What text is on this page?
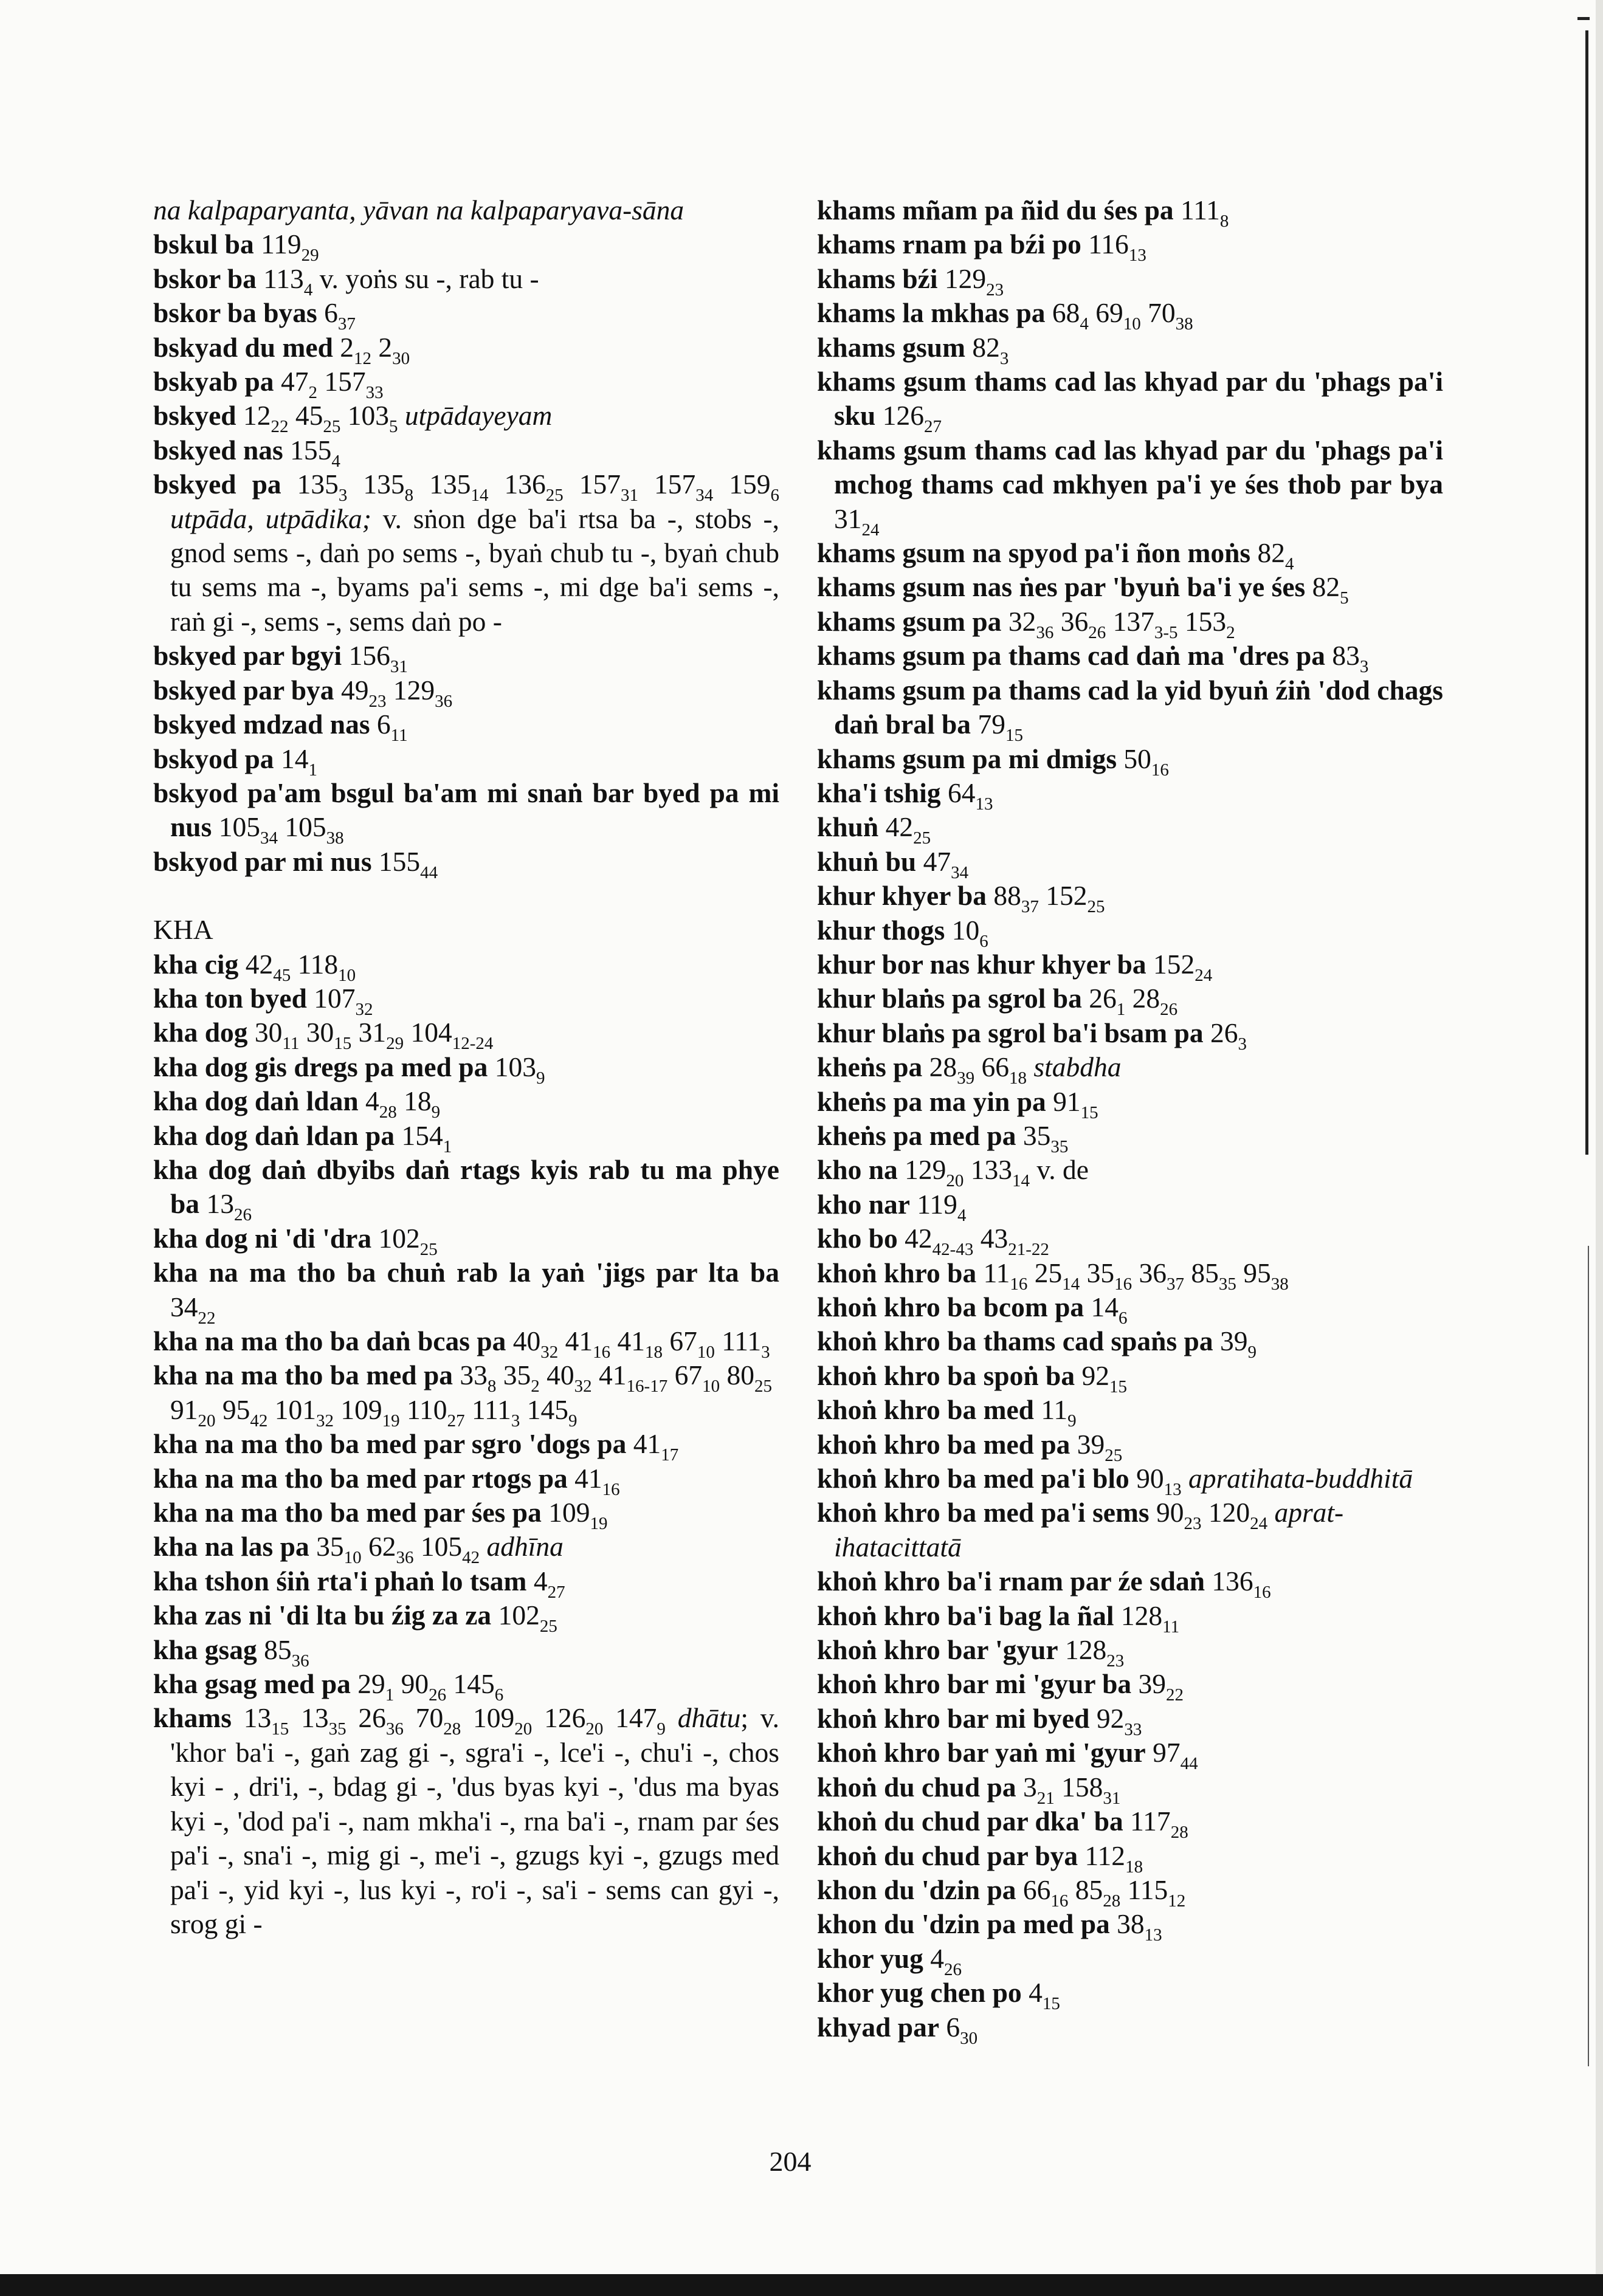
na kalpaparyanta, yāvan na kalpaparyava-sāna

bskul ba $119_{29}$

bskor ba $113_4$ v. yoṅs su -, rab tu -

bskor ba byas $6_{37}$

bskyad du med $2_{12}$ $2_{30}$

bskyab pa $47_2$ $157_{33}$

bskyed $12_{22}$ $45_{25}$ $103_5$ utpādayeyam

bskyed nas $155_4$

bskyed pa $135_3$ $135_8$ $135_{14}$ $136_{25}$ $157_{31}$ $157_{34}$ $159_6$ utpāda, utpādika; v. sṅon dge ba'i rtsa ba -, stobs -, gnod sems -, daṅ po sems -, byaṅ chub tu -, byaṅ chub tu sems ma -, byams pa'i sems -, mi dge ba'i sems -, raṅ gi -, sems -, sems daṅ po -

bskyed par bgyi $156_{31}$

bskyed par bya $49_{23}$ $129_{36}$

bskyed mdzad nas $6_{11}$

bskyod pa $14_1$

bskyod pa'am bsgul ba'am mi snaṅ bar byed pa mi nus $105_{34}$ $105_{38}$

bskyod par mi nus $155_{44}$

KHA

kha cig $42_{45}$ $118_{10}$

kha ton byed $107_{32}$

kha dog $30_{11}$ $30_{15}$ $31_{29}$ $104_{12-24}$

kha dog gis dregs pa med pa $103_9$

kha dog daṅ ldan $4_{28}$ $18_9$

kha dog daṅ ldan pa $154_1$

kha dog daṅ dbyibs daṅ rtags kyis rab tu ma phye ba $13_{26}$

kha dog ni 'di 'dra $102_{25}$

kha na ma tho ba chuṅ rab la yaṅ 'jigs par lta ba $34_{22}$

kha na ma tho ba daṅ bcas pa $40_{32}$ $41_{16}$ $41_{18}$ $67_{10}$ $111_3$

kha na ma tho ba med pa $33_8$ $35_2$ $40_{32}$ $41_{16-17}$ $67_{10}$ $80_{25}$ $91_{20}$ $95_{42}$ $101_{32}$ $109_{19}$ $110_{27}$ $111_3$ $145_9$

kha na ma tho ba med par sgro 'dogs pa $41_{17}$

kha na ma tho ba med par rtogs pa $41_{16}$

kha na ma tho ba med par śes pa $109_{19}$

kha na las pa $35_{10}$ $62_{36}$ $105_{42}$ adhīna

kha tshon śiṅ rta'i phaṅ lo tsam $4_{27}$

kha zas ni 'di lta bu źig za za $102_{25}$

kha gsag $85_{36}$

kha gsag med pa $29_1$ $90_{26}$ $145_6$

khams $13_{15}$ $13_{35}$ $26_{36}$ $70_{28}$ $109_{20}$ $126_{20}$ $147_9$ dhātu; v. 'khor ba'i -, gaṅ zag gi -, sgra'i -, lce'i -, chu'i -, chos kyi - , dri'i, -, bdag gi -, 'dus byas kyi -, 'dus ma byas kyi -, 'dod pa'i -, nam mkha'i -, rna ba'i -, rnam par śes pa'i -, sna'i -, mig gi -, me'i -, gzugs kyi -, gzugs med pa'i -, yid kyi -, lus kyi -, ro'i -, sa'i - sems can gyi -, srog gi -

khams mñam pa ñid du śes pa $111_8$

khams rnam pa bźi po $116_{13}$

khams bźi $129_{23}$

khams la mkhas pa $68_4$ $69_{10}$ $70_{38}$

khams gsum $82_3$

khams gsum thams cad las khyad par du 'phags pa'i sku $126_{27}$

khams gsum thams cad las khyad par du 'phags pa'i mchog thams cad mkhyen pa'i ye śes thob par bya $31_{24}$

khams gsum na spyod pa'i ñon moṅs $82_4$

khams gsum nas ṅes par 'byuṅ ba'i ye śes $82_5$

khams gsum pa $32_{36}$ $36_{26}$ $137_{3-5}$ $153_2$

khams gsum pa thams cad daṅ ma 'dres pa $83_3$

khams gsum pa thams cad la yid byuṅ źiṅ 'dod chags daṅ bral ba $79_{15}$

khams gsum pa mi dmigs $50_{16}$

kha'i tshig $64_{13}$

khuṅ $42_{25}$

khuṅ bu $47_{34}$

khur khyer ba $88_{37}$ $152_{25}$

khur thogs $10_6$

khur bor nas khur khyer ba $152_{24}$

khur blaṅs pa sgrol ba $26_1$ $28_{26}$

khur blaṅs pa sgrol ba'i bsam pa $26_3$

kheṅs pa $28_{39}$ $66_{18}$ stabdha

kheṅs pa ma yin pa $91_{15}$

kheṅs pa med pa $35_{35}$

kho na $129_{20}$ $133_{14}$ v. de

kho nar $119_4$

kho bo $42_{42-43}$ $43_{21-22}$

khoṅ khro ba $11_{16}$ $25_{14}$ $35_{16}$ $36_{37}$ $85_{35}$ $95_{38}$

khoṅ khro ba bcom pa $14_6$

khoṅ khro ba thams cad spaṅs pa $39_9$

khoṅ khro ba spoṅ ba $92_{15}$

khoṅ khro ba med $11_9$

khoṅ khro ba med pa $39_{25}$

khoṅ khro ba med pa'i blo $90_{13}$ apratihata-buddhitā

khoṅ khro ba med pa'i sems $90_{23}$ $120_{24}$ aprat-ihatacittatā

khoṅ khro ba'i rnam par źe sdaṅ $136_{16}$

khoṅ khro ba'i bag la ñal $128_{11}$

khoṅ khro bar 'gyur $128_{23}$

khoṅ khro bar mi 'gyur ba $39_{22}$

khoṅ khro bar mi byed $92_{33}$

khoṅ khro bar yaṅ mi 'gyur $97_{44}$

khoṅ du chud pa $3_{21}$ $158_{31}$

khoṅ du chud par dka' ba $117_{28}$

khoṅ du chud par bya $112_{18}$

khon du 'dzin pa $66_{16}$ $85_{28}$ $115_{12}$

khon du 'dzin pa med pa $38_{13}$

khor yug $4_{26}$

khor yug chen po $4_{15}$

khyad par $6_{30}$

204
